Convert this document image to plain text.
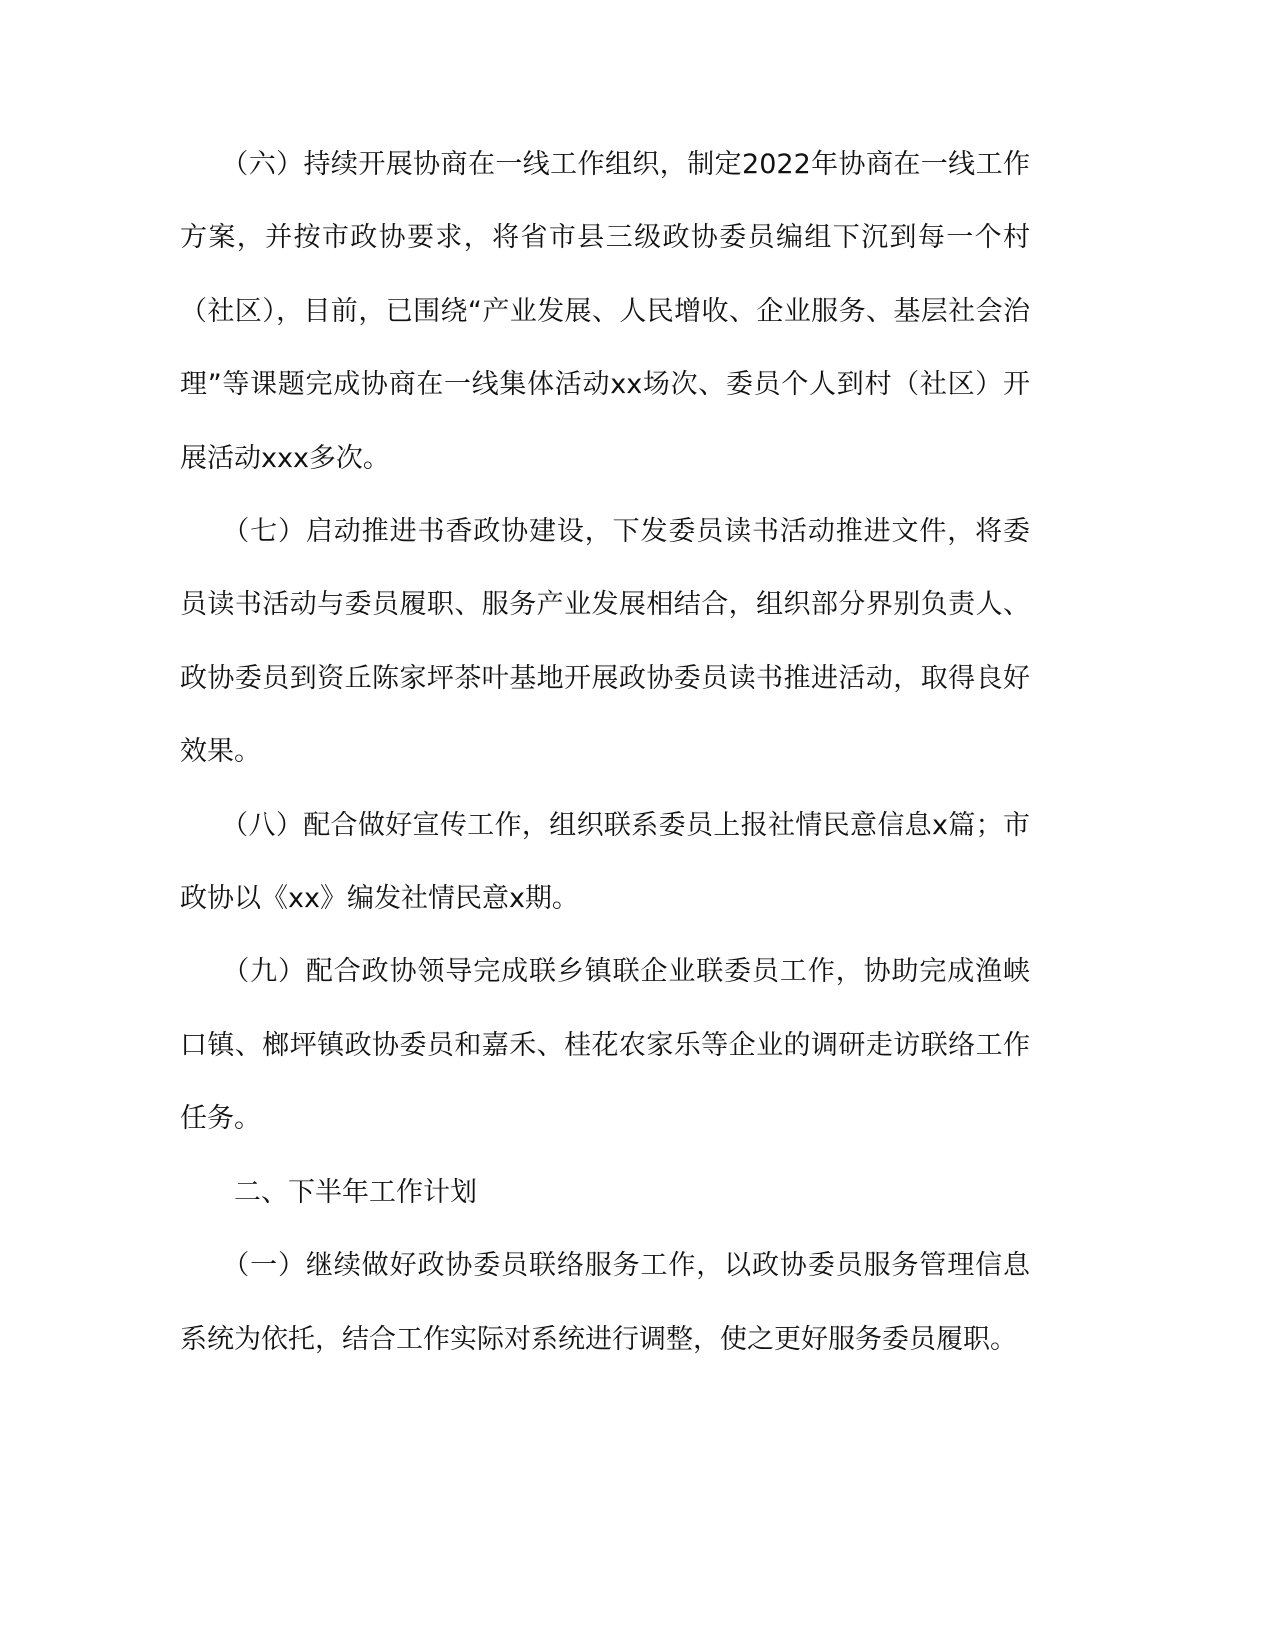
　　（六）持续开展协商在一线工作组织，制定2022年协商在一线工作方案，并按市政协要求，将省市县三级政协委员编组下沉到每一个村（社区），目前，已围绕“产业发展、人民增收、企业服务、基层社会治理”等课题完成协商在一线集体活动xx场次、委员个人到村（社区）开展活动xxx多次。

　　（七）启动推进书香政协建设，下发委员读书活动推进文件，将委员读书活动与委员履职、服务产业发展相结合，组织部分界别负责人、政协委员到资丘陈家坪茶叶基地开展政协委员读书推进活动，取得良好效果。

　　（八）配合做好宣传工作，组织联系委员上报社情民意信息x篇；市政协以《xx》编发社情民意x期。

　　（九）配合政协领导完成联乡镇联企业联委员工作，协助完成渔峡口镇、榔坪镇政协委员和嘉禾、桂花农家乐等企业的调研走访联络工作任务。

　　二、下半年工作计划

　　（一）继续做好政协委员联络服务工作，以政协委员服务管理信息系统为依托，结合工作实际对系统进行调整，使之更好服务委员履职。
